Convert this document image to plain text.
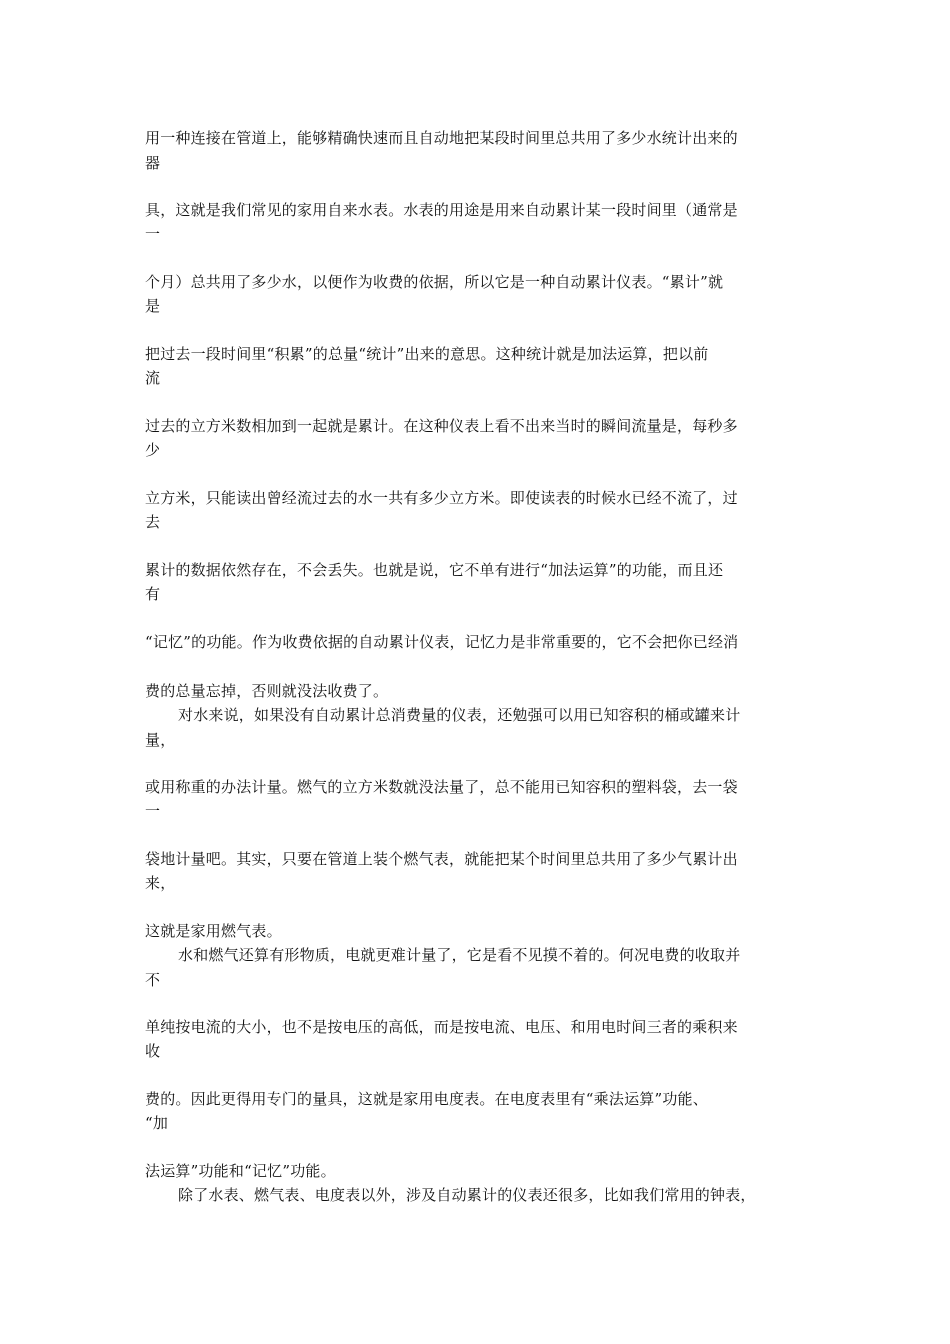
用一种连接在管道上，能够精确快速而且自动地把某段时间里总共用了多少水统计出来的
器
具，这就是我们常见的家用自来水表。水表的用途是用来自动累计某一段时间里（通常是
一
个月）总共用了多少水，以便作为收费的依据，所以它是一种自动累计仪表。“累计”就
是
把过去一段时间里“积累”的总量“统计”出来的意思。这种统计就是加法运算，把以前
流
过去的立方米数相加到一起就是累计。在这种仪表上看不出来当时的瞬间流量是，每秒多
少
立方米，只能读出曾经流过去的水一共有多少立方米。即使读表的时候水已经不流了，过
去
累计的数据依然存在，不会丢失。也就是说，它不单有进行“加法运算”的功能，而且还
有
“记忆”的功能。作为收费依据的自动累计仪表，记忆力是非常重要的，它不会把你已经消
费的总量忘掉，否则就没法收费了。
对水来说，如果没有自动累计总消费量的仪表，还勉强可以用已知容积的桶或罐来计
量，
或用称重的办法计量。燃气的立方米数就没法量了，总不能用已知容积的塑料袋，去一袋
一
袋地计量吧。其实，只要在管道上装个燃气表，就能把某个时间里总共用了多少气累计出
来，
这就是家用燃气表。
水和燃气还算有形物质，电就更难计量了，它是看不见摸不着的。何况电费的收取并
不
单纯按电流的大小，也不是按电压的高低，而是按电流、电压、和用电时间三者的乘积来
收
费的。因此更得用专门的量具，这就是家用电度表。在电度表里有“乘法运算”功能、
“加
法运算”功能和“记忆”功能。
除了水表、燃气表、电度表以外，涉及自动累计的仪表还很多，比如我们常用的钟表，
